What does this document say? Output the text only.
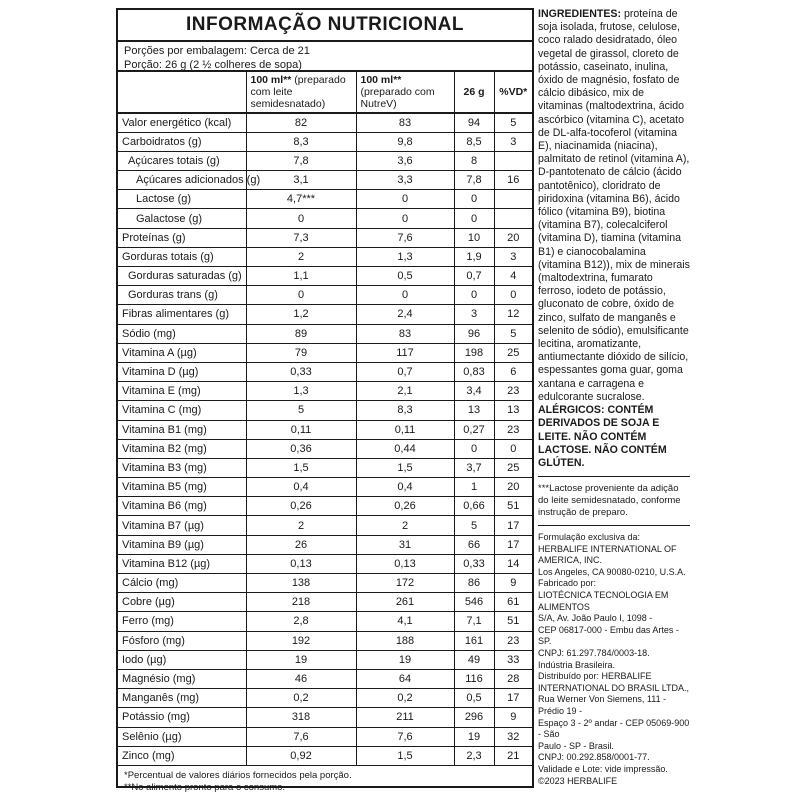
INFORMAÇÃO NUTRICIONAL
Porções por embalagem: Cerca de 21
Porção: 26 g (2 ½ colheres de sopa)
	100 ml** (preparado com leite semidesnatado)	100 ml** (preparado com NutreV)	26 g	%VD*
Valor energético (kcal)	82	83	94	5
Carboidratos (g)	8,3	9,8	8,5	3
Açúcares totais (g)	7,8	3,6	8	
Açúcares adicionados (g)	3,1	3,3	7,8	16
Lactose (g)	4,7***	0	0	
Galactose (g)	0	0	0	
Proteínas (g)	7,3	7,6	10	20
Gorduras totais (g)	2	1,3	1,9	3
Gorduras saturadas (g)	1,1	0,5	0,7	4
Gorduras trans (g)	0	0	0	0
Fibras alimentares (g)	1,2	2,4	3	12
Sódio (mg)	89	83	96	5
Vitamina A (µg)	79	117	198	25
Vitamina D (µg)	0,33	0,7	0,83	6
Vitamina E (mg)	1,3	2,1	3,4	23
Vitamina C (mg)	5	8,3	13	13
Vitamina B1 (mg)	0,11	0,11	0,27	23
Vitamina B2 (mg)	0,36	0,44	0	0
Vitamina B3 (mg)	1,5	1,5	3,7	25
Vitamina B5 (mg)	0,4	0,4	1	20
Vitamina B6 (mg)	0,26	0,26	0,66	51
Vitamina B7 (µg)	2	2	5	17
Vitamina B9 (µg)	26	31	66	17
Vitamina B12 (µg)	0,13	0,13	0,33	14
Cálcio (mg)	138	172	86	9
Cobre (µg)	218	261	546	61
Ferro (mg)	2,8	4,1	7,1	51
Fósforo (mg)	192	188	161	23
Iodo (µg)	19	19	49	33
Magnésio (mg)	46	64	116	28
Manganês (mg)	0,2	0,2	0,5	17
Potássio (mg)	318	211	296	9
Selênio (µg)	7,6	7,6	19	32
Zinco (mg)	0,92	1,5	2,3	21
*Percentual de valores diários fornecidos pela porção.
**No alimento pronto para o consumo.
INGREDIENTES: proteína de soja isolada, frutose, celulose, coco ralado desidratado, óleo vegetal de girassol, cloreto de potássio, caseinato, inulina, óxido de magnésio, fosfato de cálcio dibásico, mix de vitaminas (maltodextrina, ácido ascórbico (vitamina C), acetato de DL-alfa-tocoferol (vitamina E), niacinamida (niacina), palmitato de retinol (vitamina A), D-pantotenato de cálcio (ácido pantotênico), cloridrato de piridoxina (vitamina B6), ácido fólico (vitamina B9), biotina (vitamina B7), colecalciferol (vitamina D), tiamina (vitamina B1) e cianocobalamina (vitamina B12)), mix de minerais (maltodextrina, fumarato ferroso, iodeto de potássio, gluconato de cobre, óxido de zinco, sulfato de manganês e selenito de sódio), emulsificante lecitina, aromatizante, antiumectante dióxido de silício, espessantes goma guar, goma xantana e carragena e edulcorante sucralose.
ALÉRGICOS: CONTÉM DERIVADOS DE SOJA E LEITE. NÃO CONTÉM LACTOSE. NÃO CONTÉM GLÚTEN.
***Lactose proveniente da adição do leite semidesnatado, conforme instrução de preparo.
Formulação exclusiva da:
HERBALIFE INTERNATIONAL OF
AMERICA, INC.
Los Angeles, CA 90080-0210, U.S.A.
Fabricado por:
LIOTÉCNICA TECNOLOGIA EM ALIMENTOS
S/A, Av. João Paulo I, 1098 -
CEP 06817-000 - Embu das Artes - SP.
CNPJ: 61.297.784/0003-18.
Indústria Brasileira.
Distribuído por: HERBALIFE
INTERNATIONAL DO BRASIL LTDA.,
Rua Werner Von Siemens, 111 - Prédio 19 -
Espaço 3 - 2º andar - CEP 05069-900 - São
Paulo - SP - Brasil.
CNPJ: 00.292.858/0001-77.
Validade e Lote: vide impressão.
©2023 HERBALIFE
